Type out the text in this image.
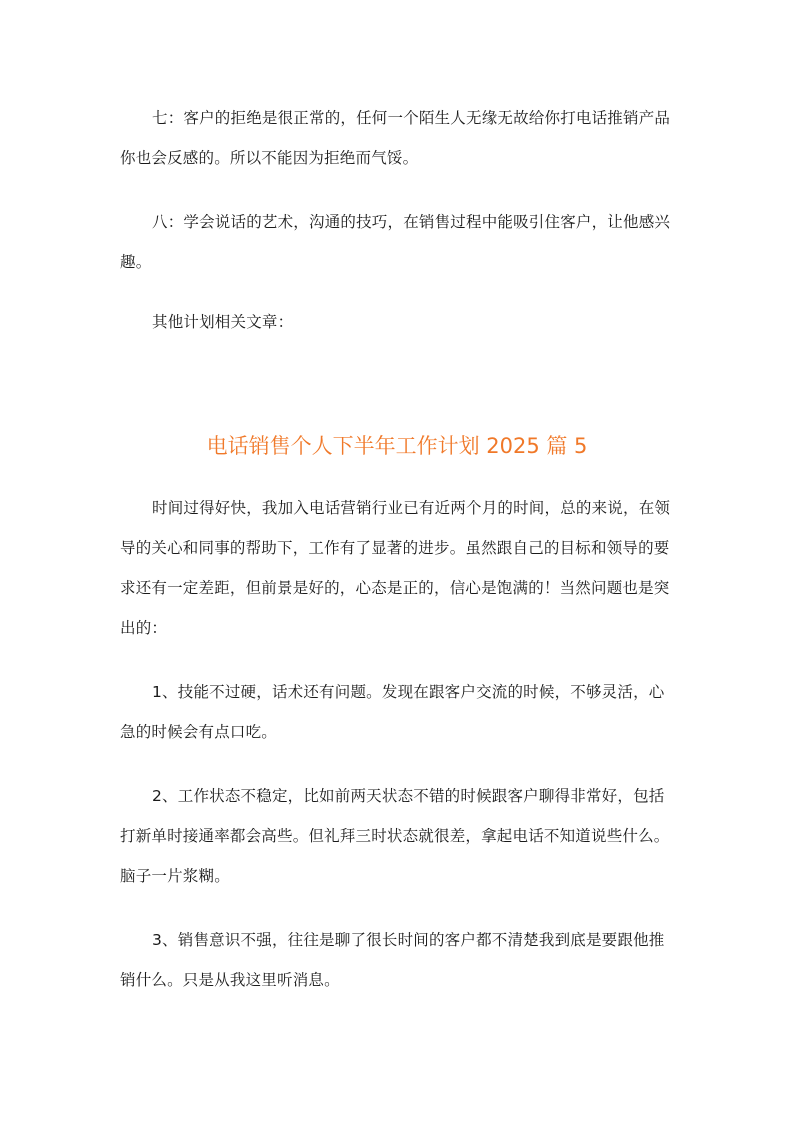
七：客户的拒绝是很正常的，任何一个陌生人无缘无故给你打电话推销产品你也会反感的。所以不能因为拒绝而气馁。

八：学会说话的艺术，沟通的技巧，在销售过程中能吸引住客户，让他感兴趣。

其他计划相关文章：

电话销售个人下半年工作计划 2025 篇 5

时间过得好快，我加入电话营销行业已有近两个月的时间，总的来说，在领导的关心和同事的帮助下，工作有了显著的进步。虽然跟自己的目标和领导的要求还有一定差距，但前景是好的，心态是正的，信心是饱满的！当然问题也是突出的：

1、技能不过硬，话术还有问题。发现在跟客户交流的时候，不够灵活，心急的时候会有点口吃。

2、工作状态不稳定，比如前两天状态不错的时候跟客户聊得非常好，包括打新单时接通率都会高些。但礼拜三时状态就很差，拿起电话不知道说些什么。脑子一片浆糊。

3、销售意识不强，往往是聊了很长时间的客户都不清楚我到底是要跟他推销什么。只是从我这里听消息。
